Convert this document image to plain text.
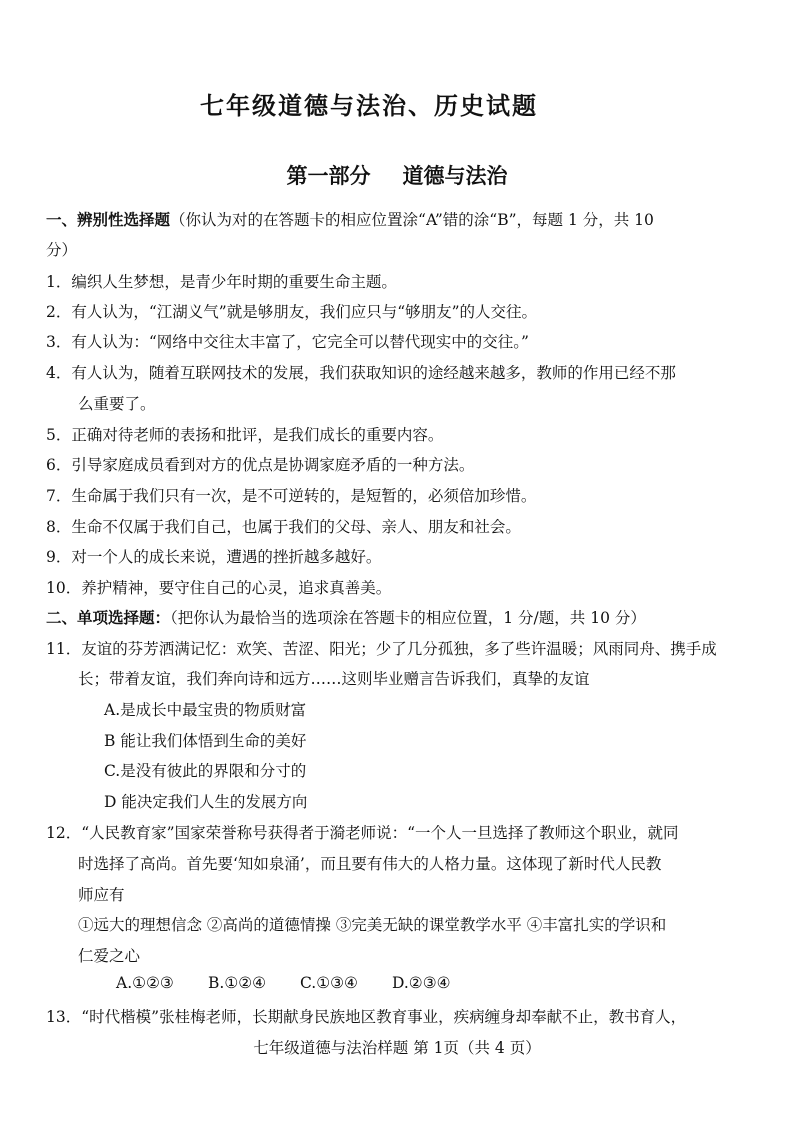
七年级道德与法治、历史试题
第一部分 道德与法治
一、辨别性选择题（你认为对的在答题卡的相应位置涂“A”错的涂“B”，每题 1 分，共 10
分）
1．编织人生梦想，是青少年时期的重要生命主题。
2．有人认为，“江湖义气”就是够朋友，我们应只与“够朋友”的人交往。
3．有人认为：“网络中交往太丰富了，它完全可以替代现实中的交往。”
4．有人认为，随着互联网技术的发展，我们获取知识的途经越来越多，教师的作用已经不那
么重要了。
5．正确对待老师的表扬和批评，是我们成长的重要内容。
6．引导家庭成员看到对方的优点是协调家庭矛盾的一种方法。
7．生命属于我们只有一次，是不可逆转的，是短暂的，必须倍加珍惜。
8．生命不仅属于我们自己，也属于我们的父母、亲人、朋友和社会。
9．对一个人的成长来说，遭遇的挫折越多越好。
10．养护精神，要守住自己的心灵，追求真善美。
二、单项选择题：（把你认为最恰当的选项涂在答题卡的相应位置，1 分/题，共 10 分）
11．友谊的芬芳洒满记忆：欢笑、苦涩、阳光；少了几分孤独，多了些许温暖；风雨同舟、携手成
长；带着友谊，我们奔向诗和远方……这则毕业赠言告诉我们，真挚的友谊
A.是成长中最宝贵的物质财富
B 能让我们体悟到生命的美好
C.是没有彼此的界限和分寸的
D 能决定我们人生的发展方向
12．“人民教育家”国家荣誉称号获得者于漪老师说：“一个人一旦选择了教师这个职业，就同
时选择了高尚。首先要‘知如泉涌’，而且要有伟大的人格力量。这体现了新时代人民教
师应有
①远大的理想信念 ②高尚的道德情操 ③完美无缺的课堂教学水平 ④丰富扎实的学识和
仁爱之心
A.①②③ B.①②④ C.①③④ D.②③④
13．“时代楷模”张桂梅老师，长期献身民族地区教育事业，疾病缠身却奉献不止，教书育人，
七年级道德与法治样题 第 1页（共 4 页）
